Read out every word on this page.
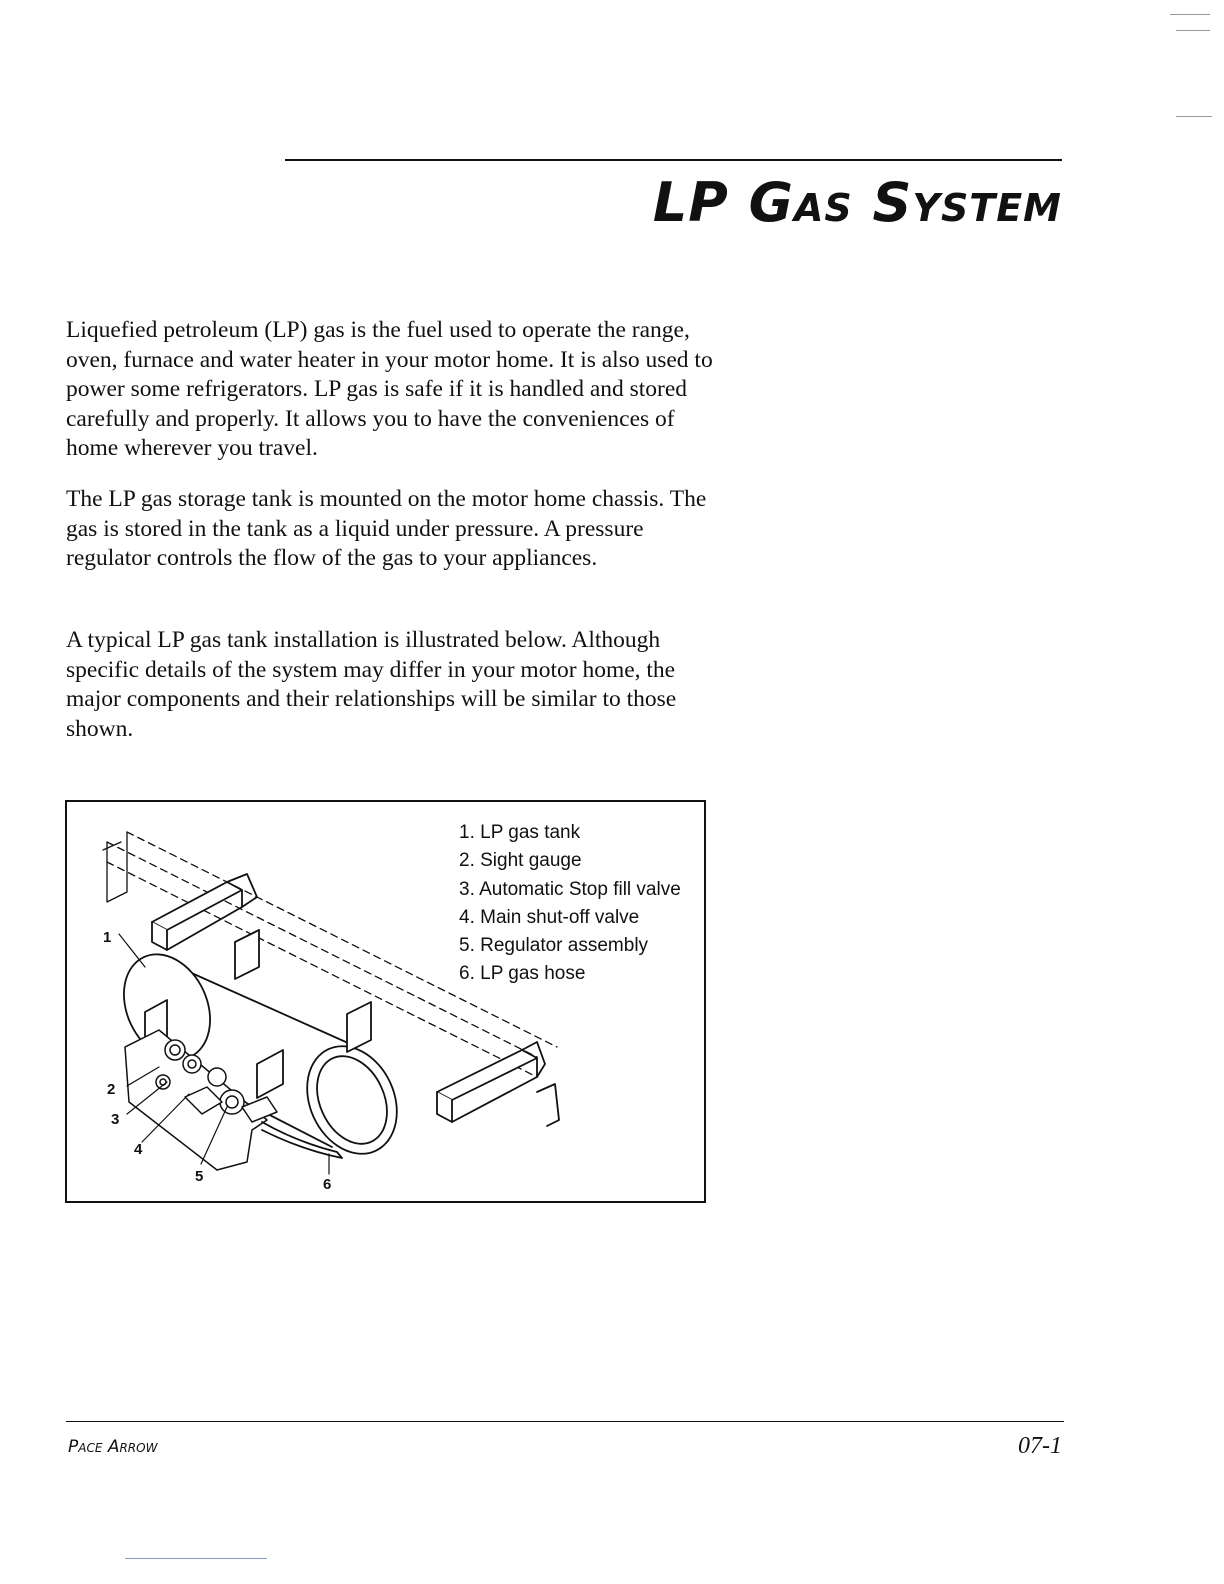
LP Gas System

Liquefied petroleum (LP) gas is the fuel used to operate the range, oven, furnace and water heater in your motor home. It is also used to power some refrigerators. LP gas is safe if it is handled and stored carefully and properly. It allows you to have the conveniences of home wherever you travel.

The LP gas storage tank is mounted on the motor home chassis. The gas is stored in the tank as a liquid under pressure. A pressure regulator controls the flow of the gas to your appliances.

A typical LP gas tank installation is illustrated below. Although specific details of the system may differ in your motor home, the major components and their relationships will be similar to those shown.

1. LP gas tank
2. Sight gauge
3. Automatic Stop fill valve
4. Main shut-off valve
5. Regulator assembly
6. LP gas hose
1
2
3
4
5	6

Pace Arrow	07-1
